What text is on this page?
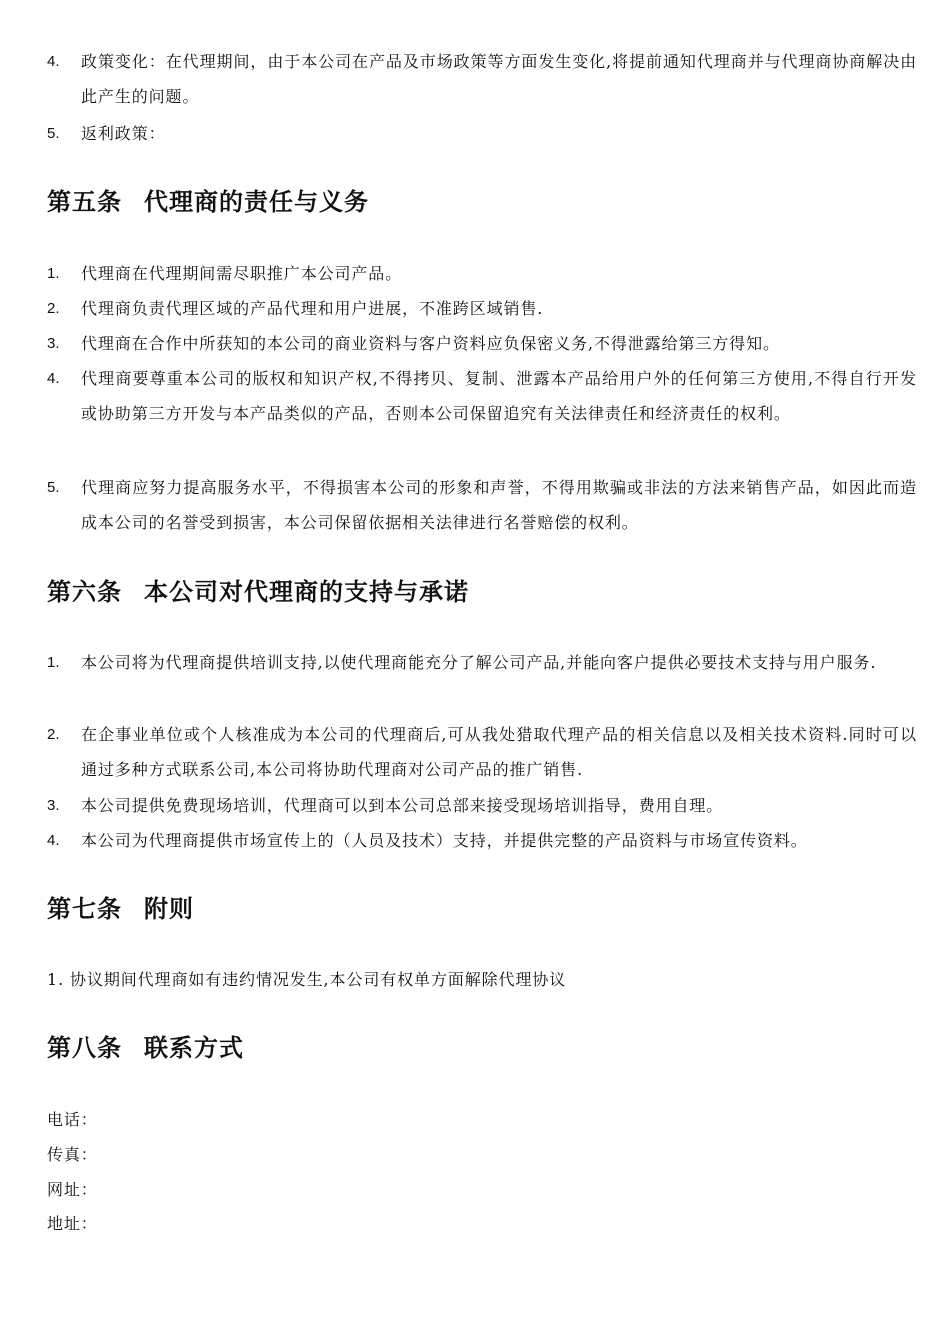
4.	政策变化：在代理期间，由于本公司在产品及市场政策等方面发生变化,将提前通知代理商并与代理商协商解决由此产生的问题。
5.	返利政策：
第五条 代理商的责任与义务
1.	代理商在代理期间需尽职推广本公司产品。
2.	代理商负责代理区域的产品代理和用户进展，不准跨区域销售.
3.	代理商在合作中所获知的本公司的商业资料与客户资料应负保密义务,不得泄露给第三方得知。
4.	代理商要尊重本公司的版权和知识产权,不得拷贝、复制、泄露本产品给用户外的任何第三方使用,不得自行开发或协助第三方开发与本产品类似的产品，否则本公司保留追究有关法律责任和经济责任的权利。
5.	代理商应努力提高服务水平，不得损害本公司的形象和声誉，不得用欺骗或非法的方法来销售产品，如因此而造成本公司的名誉受到损害，本公司保留依据相关法律进行名誉赔偿的权利。
第六条 本公司对代理商的支持与承诺
1.	本公司将为代理商提供培训支持,以使代理商能充分了解公司产品,并能向客户提供必要技术支持与用户服务.
2.	在企事业单位或个人核准成为本公司的代理商后,可从我处猎取代理产品的相关信息以及相关技术资料.同时可以通过多种方式联系公司,本公司将协助代理商对公司产品的推广销售.
3.	本公司提供免费现场培训，代理商可以到本公司总部来接受现场培训指导，费用自理。
4.	本公司为代理商提供市场宣传上的（人员及技术）支持，并提供完整的产品资料与市场宣传资料。
第七条 附则
1. 协议期间代理商如有违约情况发生,本公司有权单方面解除代理协议
第八条 联系方式
电话：
传真：
网址：
地址：
